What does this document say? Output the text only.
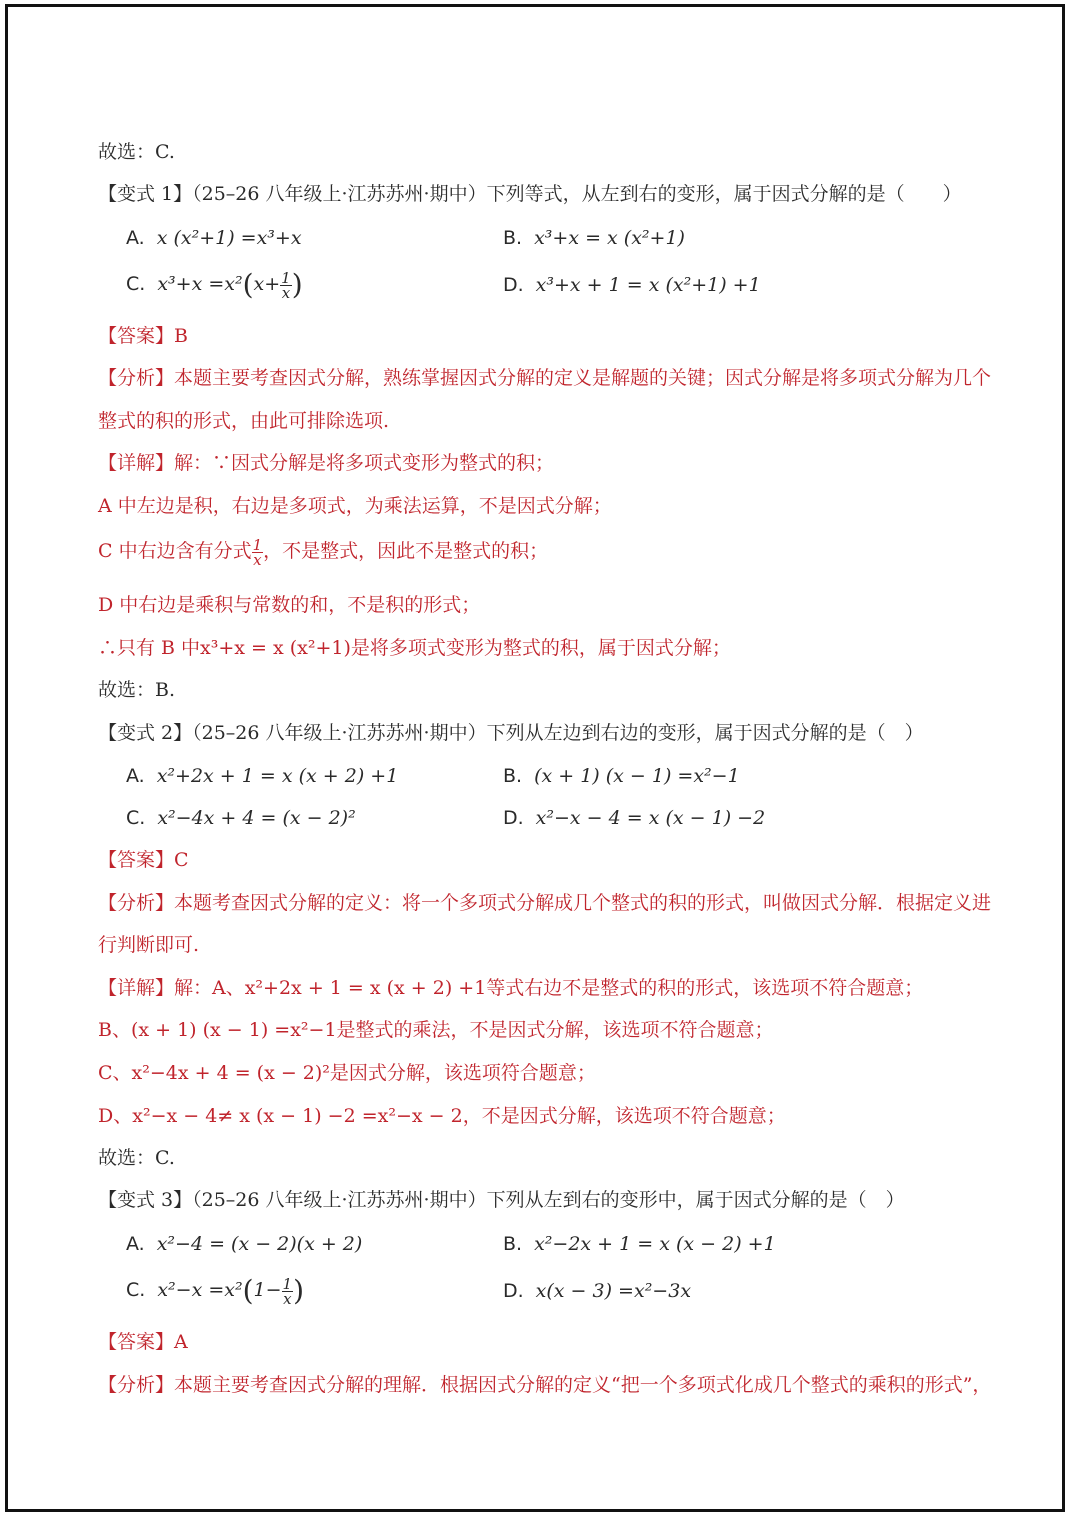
故选：C.
【变式 1】（25–26 八年级上·江苏苏州·期中）下列等式，从左到右的变形，属于因式分解的是（　　）
A. x (x²+1) =x³+x	B. x³+x = x (x²+1)
C. $x^3+x =x^2(x+ \frac{1}{x}$ )	D. x³+x + 1 = x (x²+1) +1
【答案】B
【分析】本题主要考查因式分解，熟练掌握因式分解的定义是解题的关键；因式分解是将多项式分解为几个
整式的积的形式，由此可排除选项.
【详解】解：∵因式分解是将多项式变形为整式的积；
A 中左边是积，右边是多项式，为乘法运算，不是因式分解；
C 中右边含有分式 $\frac{1}{x}$ ，不是整式，因此不是整式的积；
D 中右边是乘积与常数的和，不是积的形式；
∴只有 B 中x³+x = x (x²+1)是将多项式变形为整式的积，属于因式分解；
故选：B.
【变式 2】（25–26 八年级上·江苏苏州·期中）下列从左边到右边的变形，属于因式分解的是（　）
A. x²+2x + 1 = x (x + 2) +1	B. (x + 1) (x − 1) =x²−1
C. x²−4x + 4 = (x − 2)²	D. x²−x − 4 = x (x − 1) −2
【答案】C
【分析】本题考查因式分解的定义：将一个多项式分解成几个整式的积的形式，叫做因式分解．根据定义进
行判断即可.
【详解】解：A、x²+2x + 1 = x (x + 2) +1等式右边不是整式的积的形式，该选项不符合题意；
B、(x + 1) (x − 1) =x²−1是整式的乘法，不是因式分解，该选项不符合题意；
C、x²−4x + 4 = (x − 2)²是因式分解，该选项符合题意；
D、x²−x − 4≠ x (x − 1) −2 =x²−x − 2，不是因式分解，该选项不符合题意；
故选：C.
【变式 3】（25–26 八年级上·江苏苏州·期中）下列从左到右的变形中，属于因式分解的是（　）
A. x²−4 = (x − 2)(x + 2)	B. x²−2x + 1 = x (x − 2) +1
C. $x^2-x =x^2(1- \frac{1}{x}$ )	D. x(x − 3) =x²−3x
【答案】A
【分析】本题主要考查因式分解的理解．根据因式分解的定义“把一个多项式化成几个整式的乘积的形式”，
